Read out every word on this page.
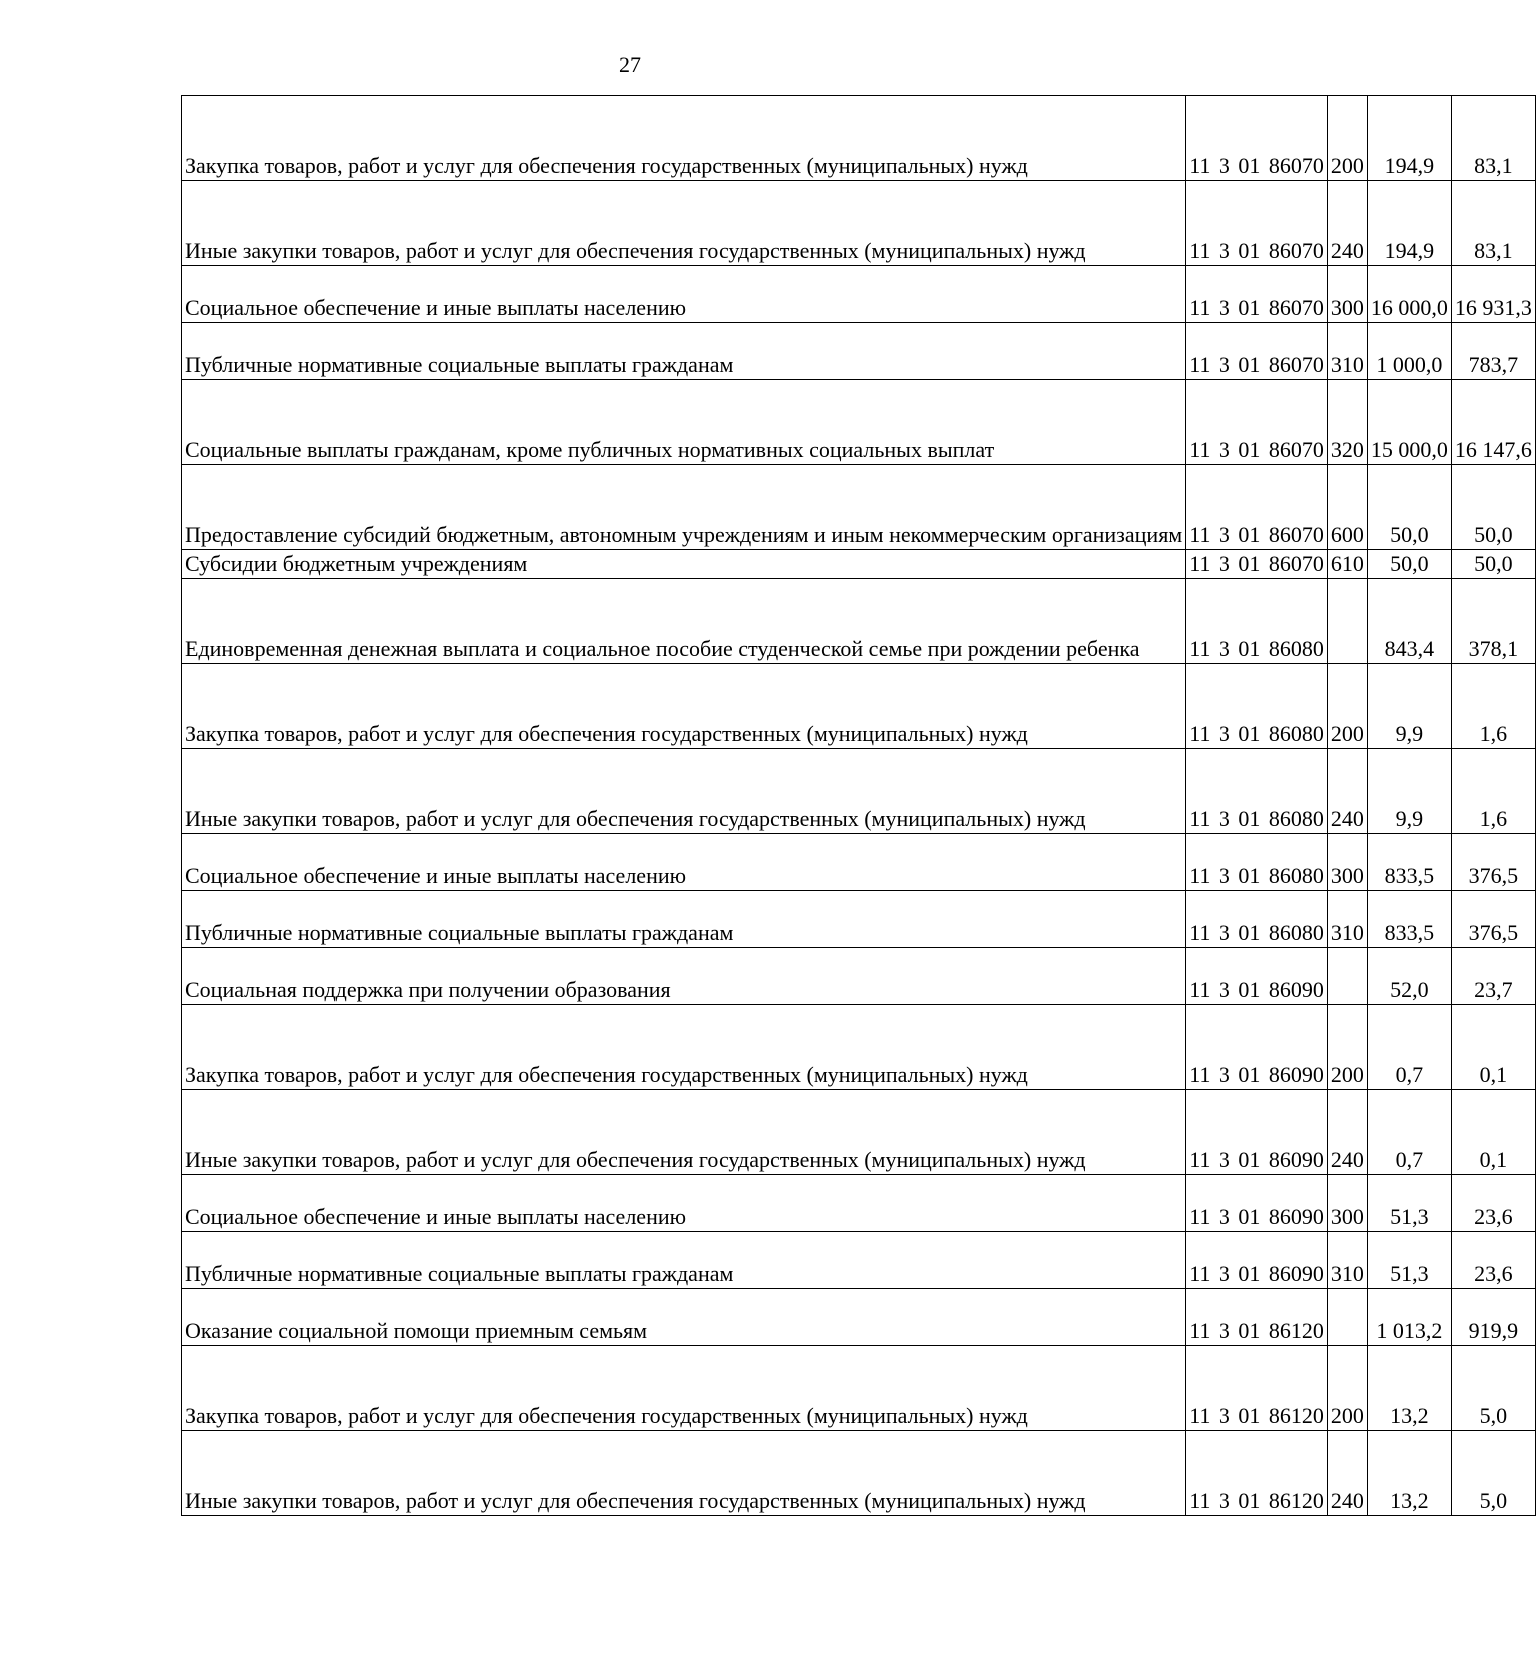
27
Закупка товаров, работ и услуг для обеспечения государственных (муниципальных) нужд	11 3 01 86070	200	194,9	83,1
Иные закупки товаров, работ и услуг для обеспечения государственных (муниципальных) нужд	11 3 01 86070	240	194,9	83,1
Социальное обеспечение и иные выплаты населению	11 3 01 86070	300	16 000,0	16 931,3
Публичные нормативные социальные выплаты гражданам	11 3 01 86070	310	1 000,0	783,7
Социальные выплаты гражданам, кроме публичных нормативных социальных выплат	11 3 01 86070	320	15 000,0	16 147,6
Предоставление субсидий бюджетным, автономным учреждениям и иным некоммерческим организациям	11 3 01 86070	600	50,0	50,0
Субсидии бюджетным учреждениям	11 3 01 86070	610	50,0	50,0
Единовременная денежная выплата и социальное пособие студенческой семье при рождении ребенка	11 3 01 86080		843,4	378,1
Закупка товаров, работ и услуг для обеспечения государственных (муниципальных) нужд	11 3 01 86080	200	9,9	1,6
Иные закупки товаров, работ и услуг для обеспечения государственных (муниципальных) нужд	11 3 01 86080	240	9,9	1,6
Социальное обеспечение и иные выплаты населению	11 3 01 86080	300	833,5	376,5
Публичные нормативные социальные выплаты гражданам	11 3 01 86080	310	833,5	376,5
Социальная поддержка при получении образования	11 3 01 86090		52,0	23,7
Закупка товаров, работ и услуг для обеспечения государственных (муниципальных) нужд	11 3 01 86090	200	0,7	0,1
Иные закупки товаров, работ и услуг для обеспечения государственных (муниципальных) нужд	11 3 01 86090	240	0,7	0,1
Социальное обеспечение и иные выплаты населению	11 3 01 86090	300	51,3	23,6
Публичные нормативные социальные выплаты гражданам	11 3 01 86090	310	51,3	23,6
Оказание социальной помощи приемным семьям	11 3 01 86120		1 013,2	919,9
Закупка товаров, работ и услуг для обеспечения государственных (муниципальных) нужд	11 3 01 86120	200	13,2	5,0
Иные закупки товаров, работ и услуг для обеспечения государственных (муниципальных) нужд	11 3 01 86120	240	13,2	5,0
